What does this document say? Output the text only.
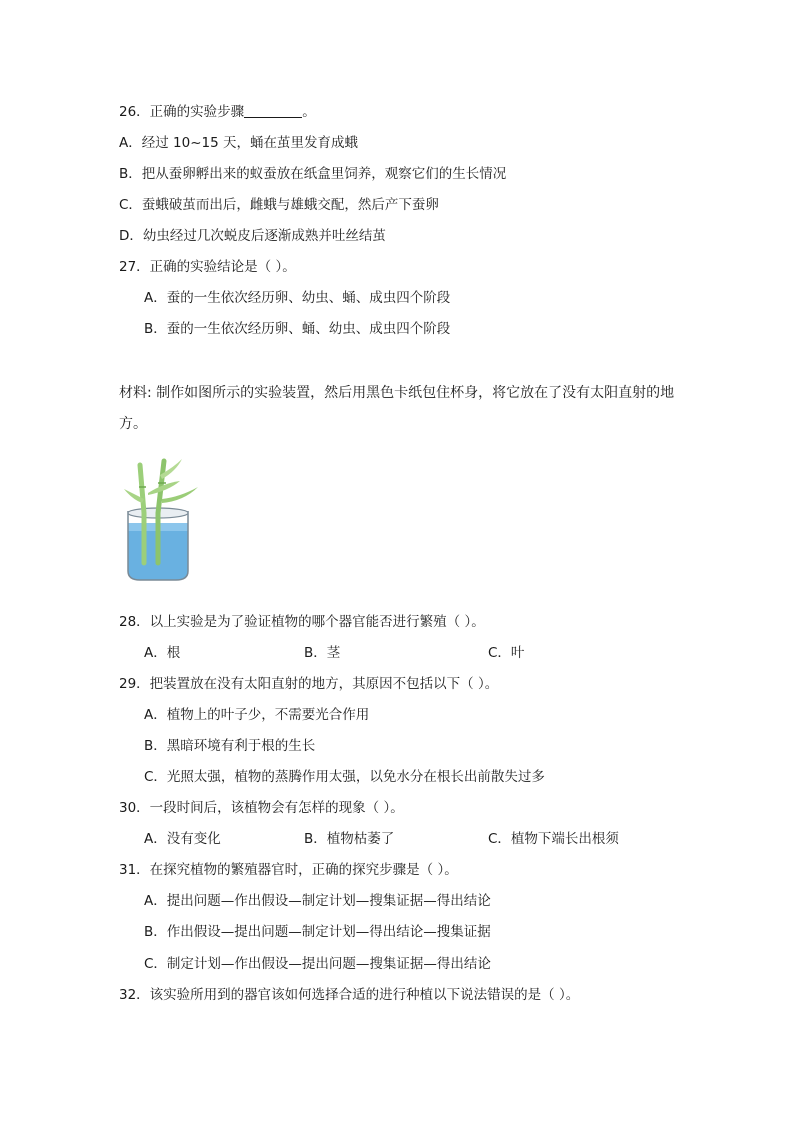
26．正确的实验步骤	。
A．经过 10~15 天，蛹在茧里发育成蛾
B．把从蚕卵孵出来的蚁蚕放在纸盒里饲养，观察它们的生长情况
C．蚕蛾破茧而出后，雌蛾与雄蛾交配，然后产下蚕卵
D．幼虫经过几次蜕皮后逐渐成熟并吐丝结茧
27．正确的实验结论是（ ）。
A．蚕的一生依次经历卵、幼虫、蛹、成虫四个阶段
B．蚕的一生依次经历卵、蛹、幼虫、成虫四个阶段
材料: 制作如图所示的实验装置，然后用黑色卡纸包住杯身，将它放在了没有太阳直射的地
方。
28．以上实验是为了验证植物的哪个器官能否进行繁殖（ ）。
A．根	B．茎	C．叶
29．把装置放在没有太阳直射的地方，其原因不包括以下（ ）。
A．植物上的叶子少，不需要光合作用
B．黑暗环境有利于根的生长
C．光照太强，植物的蒸腾作用太强，以免水分在根长出前散失过多
30．一段时间后，该植物会有怎样的现象（ ）。
A．没有变化	B．植物枯萎了	C．植物下端长出根须
31．在探究植物的繁殖器官时，正确的探究步骤是（ ）。
A．提出问题—作出假设—制定计划—搜集证据—得出结论
B．作出假设—提出问题—制定计划—得出结论—搜集证据
C．制定计划—作出假设—提出问题—搜集证据—得出结论
32．该实验所用到的器官该如何选择合适的进行种植以下说法错误的是（ ）。
